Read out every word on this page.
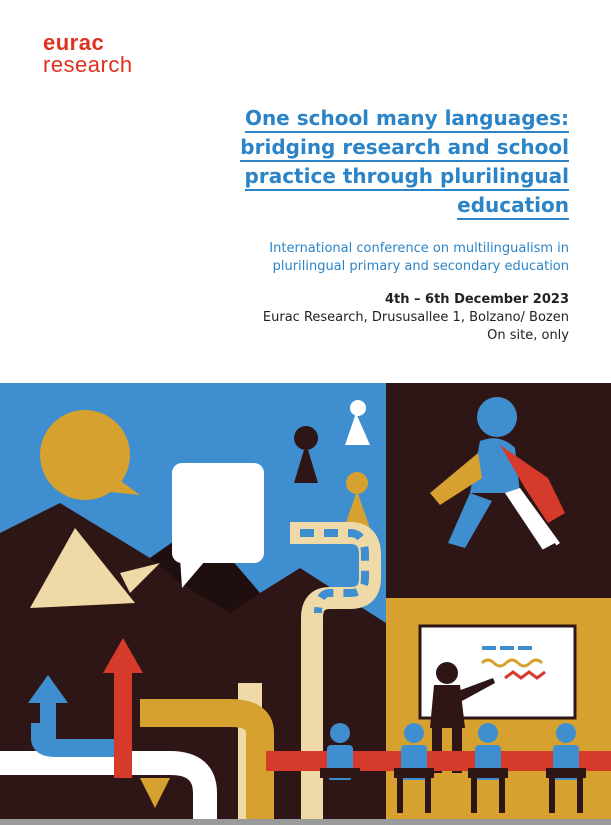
eurac
research
One school many languages:
bridging research and school
practice through plurilingual
education
International conference on multilingualism in
plurilingual primary and secondary education
4th – 6th December 2023
Eurac Research, Drususallee 1, Bolzano/ Bozen
On site, only
